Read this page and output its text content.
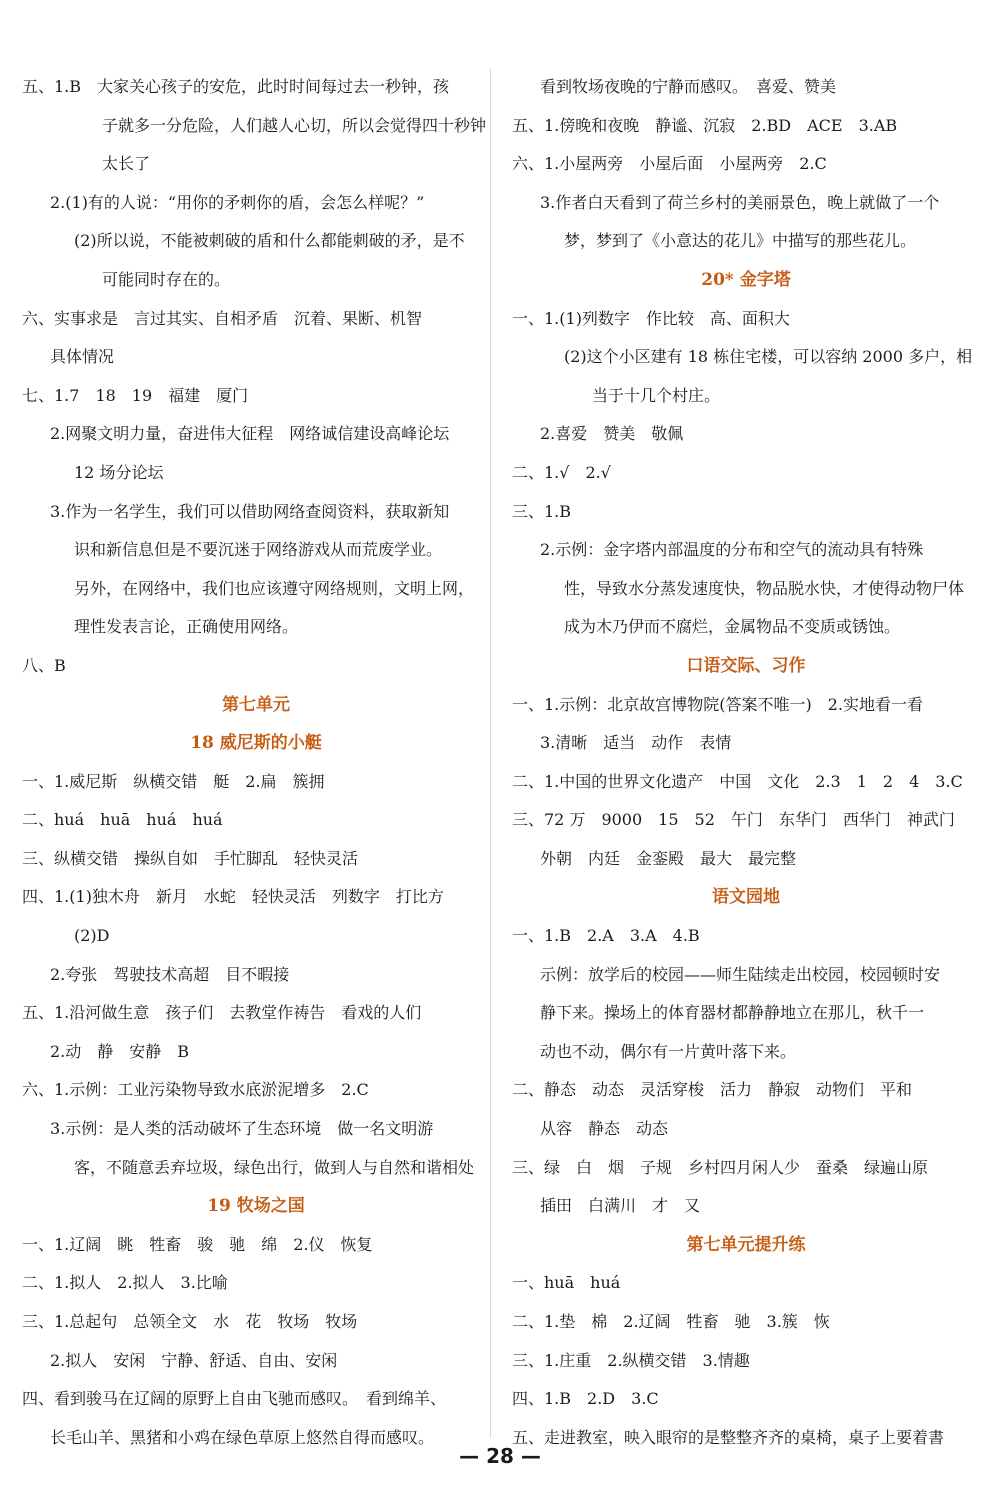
五、1.B　大家关心孩子的安危，此时时间每过去一秒钟，孩
子就多一分危险，人们越人心切，所以会觉得四十秒钟
太长了
2.(1)有的人说：“用你的矛刺你的盾，会怎么样呢？”
(2)所以说，不能被刺破的盾和什么都能刺破的矛，是不
可能同时存在的。
六、实事求是　言过其实、自相矛盾　沉着、果断、机智
具体情况
七、1.7　18　19　福建　厦门
2.网聚文明力量，奋进伟大征程　网络诚信建设高峰论坛
12 场分论坛
3.作为一名学生，我们可以借助网络查阅资料，获取新知
识和新信息但是不要沉迷于网络游戏从而荒废学业。
另外，在网络中，我们也应该遵守网络规则，文明上网，
理性发表言论，正确使用网络。
八、B
第七单元
18 威尼斯的小艇
一、1.威尼斯　纵横交错　艇　2.扁　簇拥
二、huá　huā　huá　huá
三、纵横交错　操纵自如　手忙脚乱　轻快灵活
四、1.(1)独木舟　新月　水蛇　轻快灵活　列数字　打比方
(2)D
2.夸张　驾驶技术高超　目不暇接
五、1.沿河做生意　孩子们　去教堂作祷告　看戏的人们
2.动　静　安静　B
六、1.示例：工业污染物导致水底淤泥增多　2.C
3.示例：是人类的活动破坏了生态环境　做一名文明游
客，不随意丢弃垃圾，绿色出行，做到人与自然和谐相处
19 牧场之国
一、1.辽阔　眺　牲畜　骏　驰　绵　2.仪　恢复
二、1.拟人　2.拟人　3.比喻
三、1.总起句　总领全文　水　花　牧场　牧场
2.拟人　安闲　宁静、舒适、自由、安闲
四、看到骏马在辽阔的原野上自由飞驰而感叹。　看到绵羊、
长毛山羊、黑猪和小鸡在绿色草原上悠然自得而感叹。
看到牧场夜晚的宁静而感叹。　喜爱、赞美
五、1.傍晚和夜晚　静谧、沉寂　2.BD　ACE　3.AB
六、1.小屋两旁　小屋后面　小屋两旁　2.C
3.作者白天看到了荷兰乡村的美丽景色，晚上就做了一个
梦，梦到了《小意达的花儿》中描写的那些花儿。
20* 金字塔
一、1.(1)列数字　作比较　高、面积大
(2)这个小区建有 18 栋住宅楼，可以容纳 2000 多户，相
当于十几个村庄。
2.喜爱　赞美　敬佩
二、1.√　2.√
三、1.B
2.示例：金字塔内部温度的分布和空气的流动具有特殊
性，导致水分蒸发速度快，物品脱水快，才使得动物尸体
成为木乃伊而不腐烂，金属物品不变质或锈蚀。
口语交际、习作
一、1.示例：北京故宫博物院(答案不唯一)　2.实地看一看
3.清晰　适当　动作　表情
二、1.中国的世界文化遗产　中国　文化　2.3　1　2　4　3.C
三、72 万　9000　15　52　午门　东华门　西华门　神武门
外朝　内廷　金銮殿　最大　最完整
语文园地
一、1.B　2.A　3.A　4.B
示例：放学后的校园——师生陆续走出校园，校园顿时安
静下来。操场上的体育器材都静静地立在那儿，秋千一
动也不动，偶尔有一片黄叶落下来。
二、静态　动态　灵活穿梭　活力　静寂　动物们　平和
从容　静态　动态
三、绿　白　烟　子规　乡村四月闲人少　蚕桑　绿遍山原
插田　白满川　才　又
第七单元提升练
一、huā　huá
二、1.垫　棉　2.辽阔　牲畜　驰　3.簇　恢
三、1.庄重　2.纵横交错　3.情趣
四、1.B　2.D　3.C
五、走进教室，映入眼帘的是整整齐齐的桌椅，桌子上要着書
— 28 —
